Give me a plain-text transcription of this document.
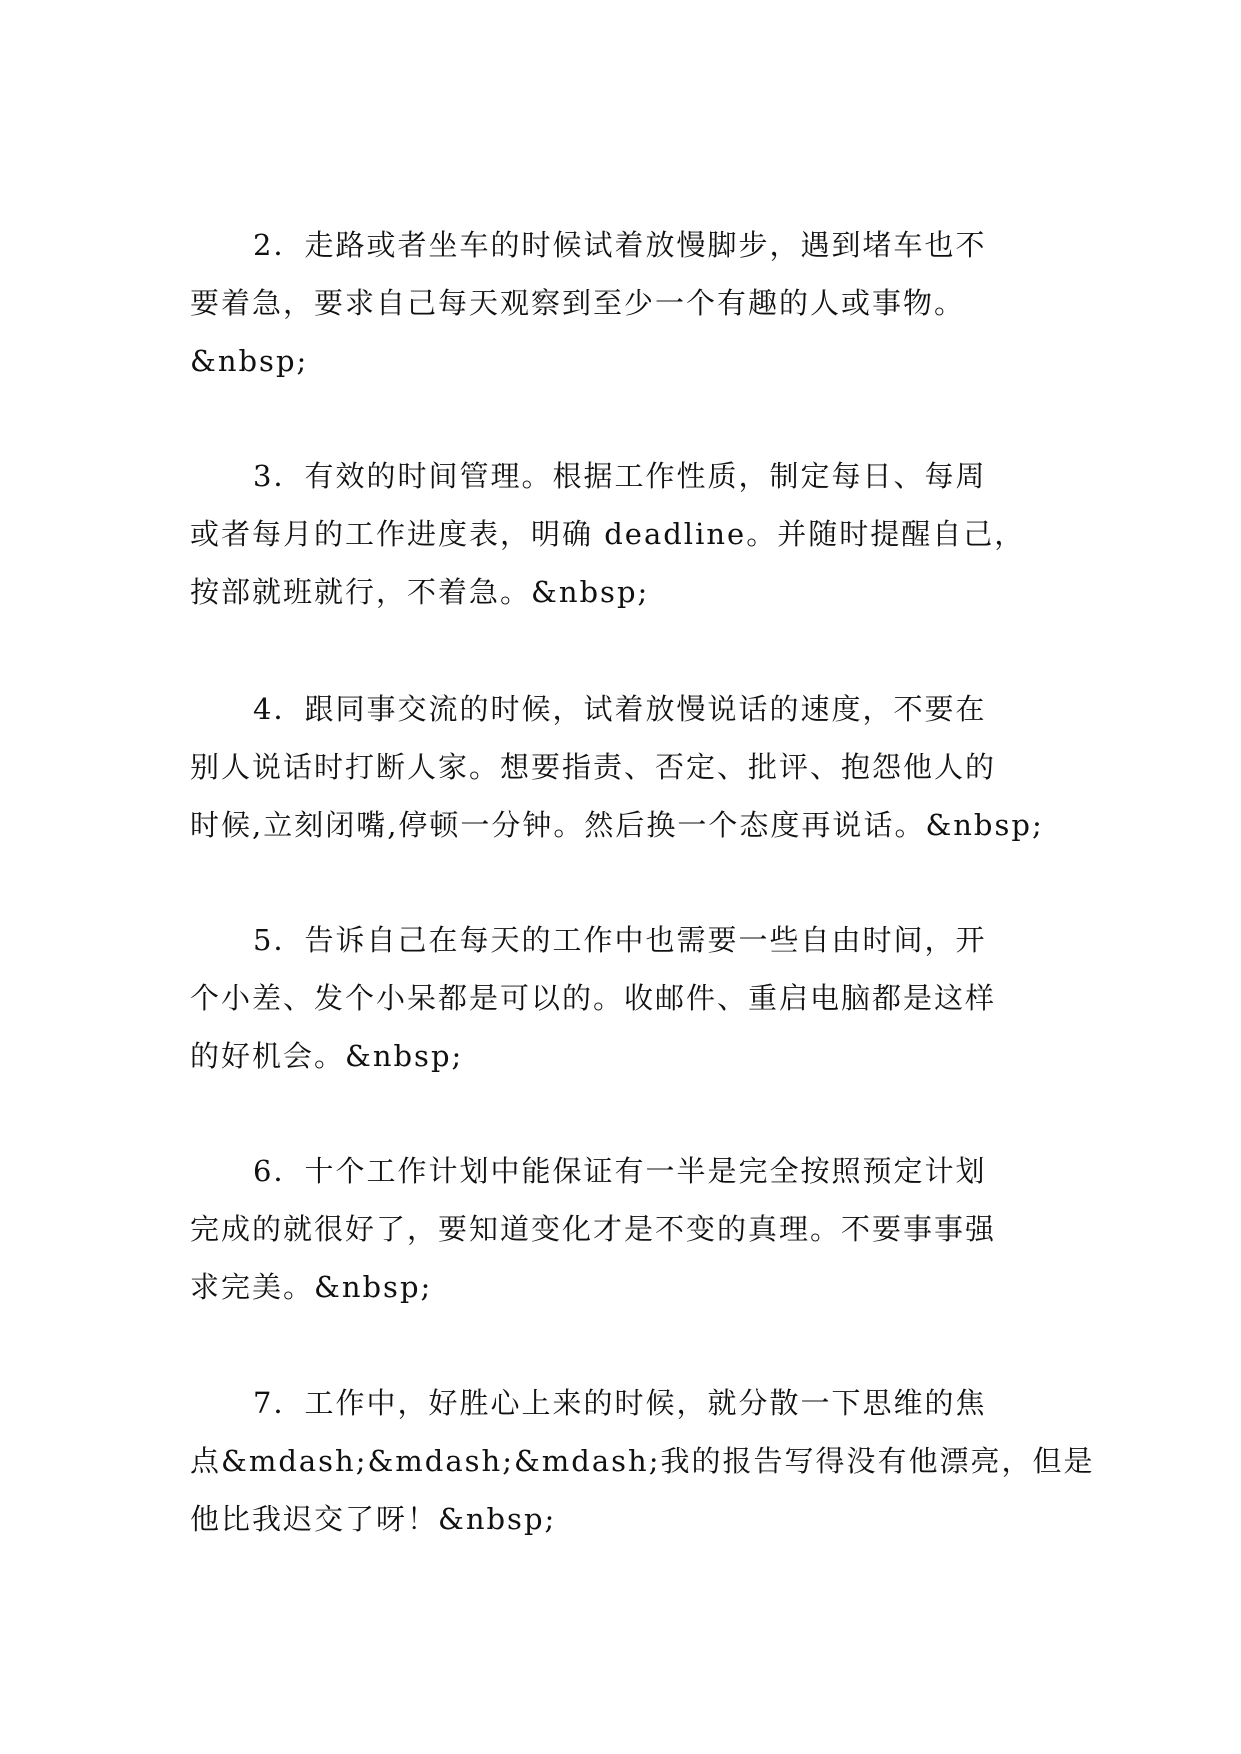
2．走路或者坐车的时候试着放慢脚步，遇到堵车也不
要着急，要求自己每天观察到至少一个有趣的人或事物。
&nbsp;
3．有效的时间管理。根据工作性质，制定每日、每周
或者每月的工作进度表，明确 deadline。并随时提醒自己，
按部就班就行，不着急。&nbsp;
4．跟同事交流的时候，试着放慢说话的速度，不要在
别人说话时打断人家。想要指责、否定、批评、抱怨他人的
时候,立刻闭嘴,停顿一分钟。然后换一个态度再说话。&nbsp;
5．告诉自己在每天的工作中也需要一些自由时间，开
个小差、发个小呆都是可以的。收邮件、重启电脑都是这样
的好机会。&nbsp;
6．十个工作计划中能保证有一半是完全按照预定计划
完成的就很好了，要知道变化才是不变的真理。不要事事强
求完美。&nbsp;
7．工作中，好胜心上来的时候，就分散一下思维的焦
点&mdash;&mdash;&mdash;我的报告写得没有他漂亮，但是
他比我迟交了呀！&nbsp;
